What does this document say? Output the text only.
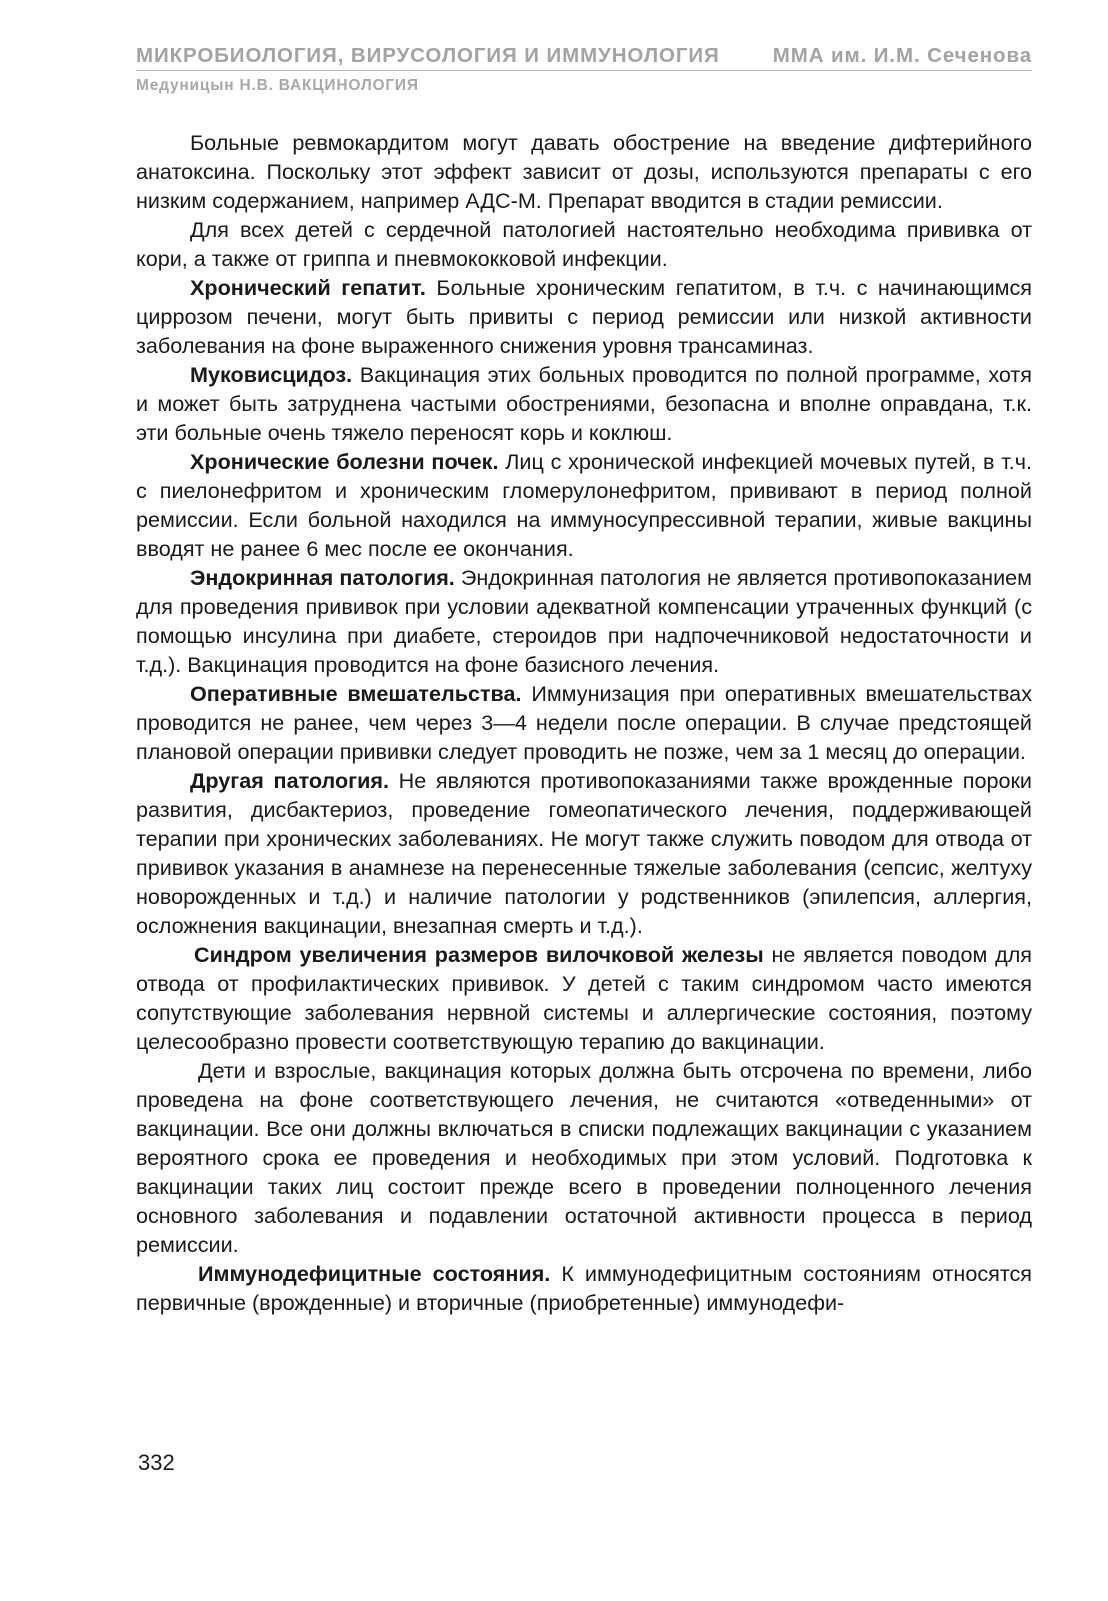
МИКРОБИОЛОГИЯ, ВИРУСОЛОГИЯ И ИММУНОЛОГИЯ	ММА им. И.М. Сеченова
Медуницын Н.В. ВАКЦИНОЛОГИЯ

Больные ревмокардитом могут давать обострение на введение дифтерийного анатоксина. Поскольку этот эффект зависит от дозы, используются препараты с его низким содержанием, например АДС-М. Препарат вводится в стадии ремиссии.

Для всех детей с сердечной патологией настоятельно необходима прививка от кори, а также от гриппа и пневмококковой инфекции.

Хронический гепатит. Больные хроническим гепатитом, в т.ч. с начинающимся циррозом печени, могут быть привиты с период ремиссии или низкой активности заболевания на фоне выраженного снижения уровня трансаминаз.

Муковисцидоз. Вакцинация этих больных проводится по полной программе, хотя и может быть затруднена частыми обострениями, безопасна и вполне оправдана, т.к. эти больные очень тяжело переносят корь и коклюш.

Хронические болезни почек. Лиц с хронической инфекцией мочевых путей, в т.ч. с пиелонефритом и хроническим гломерулонефритом, прививают в период полной ремиссии. Если больной находился на иммуносупрессивной терапии, живые вакцины вводят не ранее 6 мес после ее окончания.

Эндокринная патология. Эндокринная патология не является противопоказанием для проведения прививок при условии адекватной компенсации утраченных функций (с помощью инсулина при диабете, стероидов при надпочечниковой недостаточности и т.д.). Вакцинация проводится на фоне базисного лечения.

Оперативные вмешательства. Иммунизация при оперативных вмешательствах проводится не ранее, чем через 3—4 недели после операции. В случае предстоящей плановой операции прививки следует проводить не позже, чем за 1 месяц до операции.

Другая патология. Не являются противопоказаниями также врожденные пороки развития, дисбактериоз, проведение гомеопатического лечения, поддерживающей терапии при хронических заболеваниях. Не могут также служить поводом для отвода от прививок указания в анамнезе на перенесенные тяжелые заболевания (сепсис, желтуху новорожденных и т.д.) и наличие патологии у родственников (эпилепсия, аллергия, осложнения вакцинации, внезапная смерть и т.д.).

Синдром увеличения размеров вилочковой железы не является поводом для отвода от профилактических прививок. У детей с таким синдромом часто имеются сопутствующие заболевания нервной системы и аллергические состояния, поэтому целесообразно провести соответствующую терапию до вакцинации.

Дети и взрослые, вакцинация которых должна быть отсрочена по времени, либо проведена на фоне соответствующего лечения, не считаются «отведенными» от вакцинации. Все они должны включаться в списки подлежащих вакцинации с указанием вероятного срока ее проведения и необходимых при этом условий. Подготовка к вакцинации таких лиц состоит прежде всего в проведении полноценного лечения основного заболевания и подавлении остаточной активности процесса в период ремиссии.

Иммунодефицитные состояния. К иммунодефицитным состояниям относятся первичные (врожденные) и вторичные (приобретенные) иммунодефи-

332
